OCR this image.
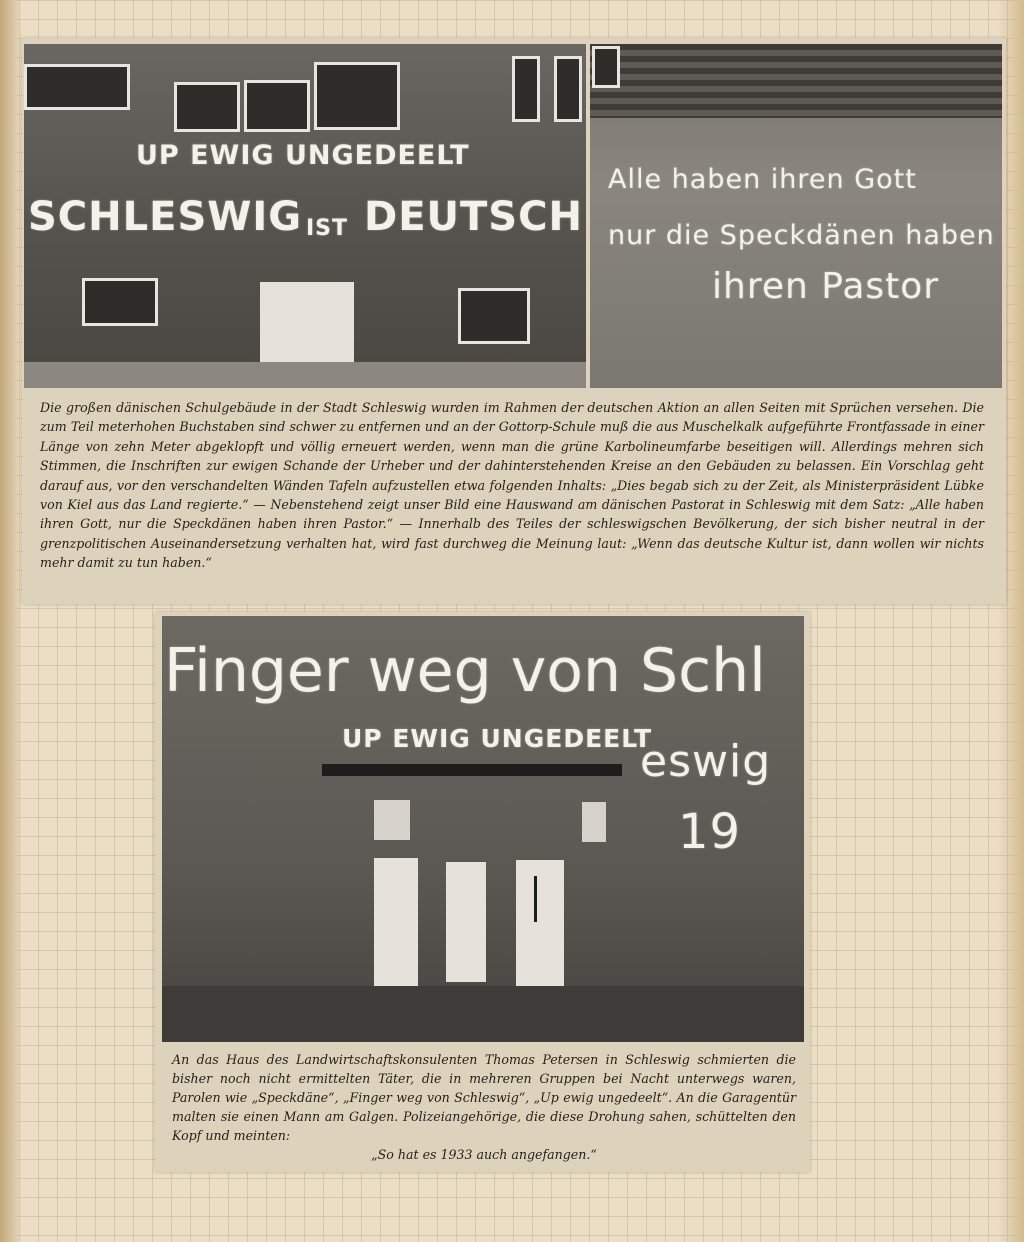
UP EWIG UNGEDEELT
SCHLESWIG IST DEUTSCH
Alle haben ihren Gott
nur die Speckdänen haben
ihren Pastor
Die großen dänischen Schulgebäude in der Stadt Schleswig wurden im Rahmen der deutschen Aktion an allen Seiten mit Sprüchen versehen. Die zum Teil meterhohen Buchstaben sind schwer zu entfernen und an der Gottorp-Schule muß die aus Muschelkalk aufgeführte Frontfassade in einer Länge von zehn Meter abgeklopft und völlig erneuert werden, wenn man die grüne Karbolineumfarbe beseitigen will. Allerdings mehren sich Stimmen, die Inschriften zur ewigen Schande der Urheber und der dahinterstehenden Kreise an den Gebäuden zu belassen. Ein Vorschlag geht darauf aus, vor den verschandelten Wänden Tafeln aufzustellen etwa folgenden Inhalts: „Dies begab sich zu der Zeit, als Ministerpräsident Lübke von Kiel aus das Land regierte.“ — Nebenstehend zeigt unser Bild eine Hauswand am dänischen Pastorat in Schleswig mit dem Satz: „Alle haben ihren Gott, nur die Speckdänen haben ihren Pastor.“ — Innerhalb des Teiles der schleswigschen Bevölkerung, der sich bisher neutral in der grenzpolitischen Auseinandersetzung verhalten hat, wird fast durchweg die Meinung laut: „Wenn das deutsche Kultur ist, dann wollen wir nichts mehr damit zu tun haben.“
Finger weg von Schl
UP EWIG UNGEDEELT
eswig
19
An das Haus des Landwirtschaftskonsulenten Thomas Petersen in Schleswig schmierten die bisher noch nicht ermittelten Täter, die in mehreren Gruppen bei Nacht unterwegs waren, Parolen wie „Speckdäne“, „Finger weg von Schleswig“, „Up ewig ungedeelt“. An die Garagentür malten sie einen Mann am Galgen. Polizeiangehörige, die diese Drohung sahen, schüttelten den Kopf und meinten:
„So hat es 1933 auch angefangen.“
